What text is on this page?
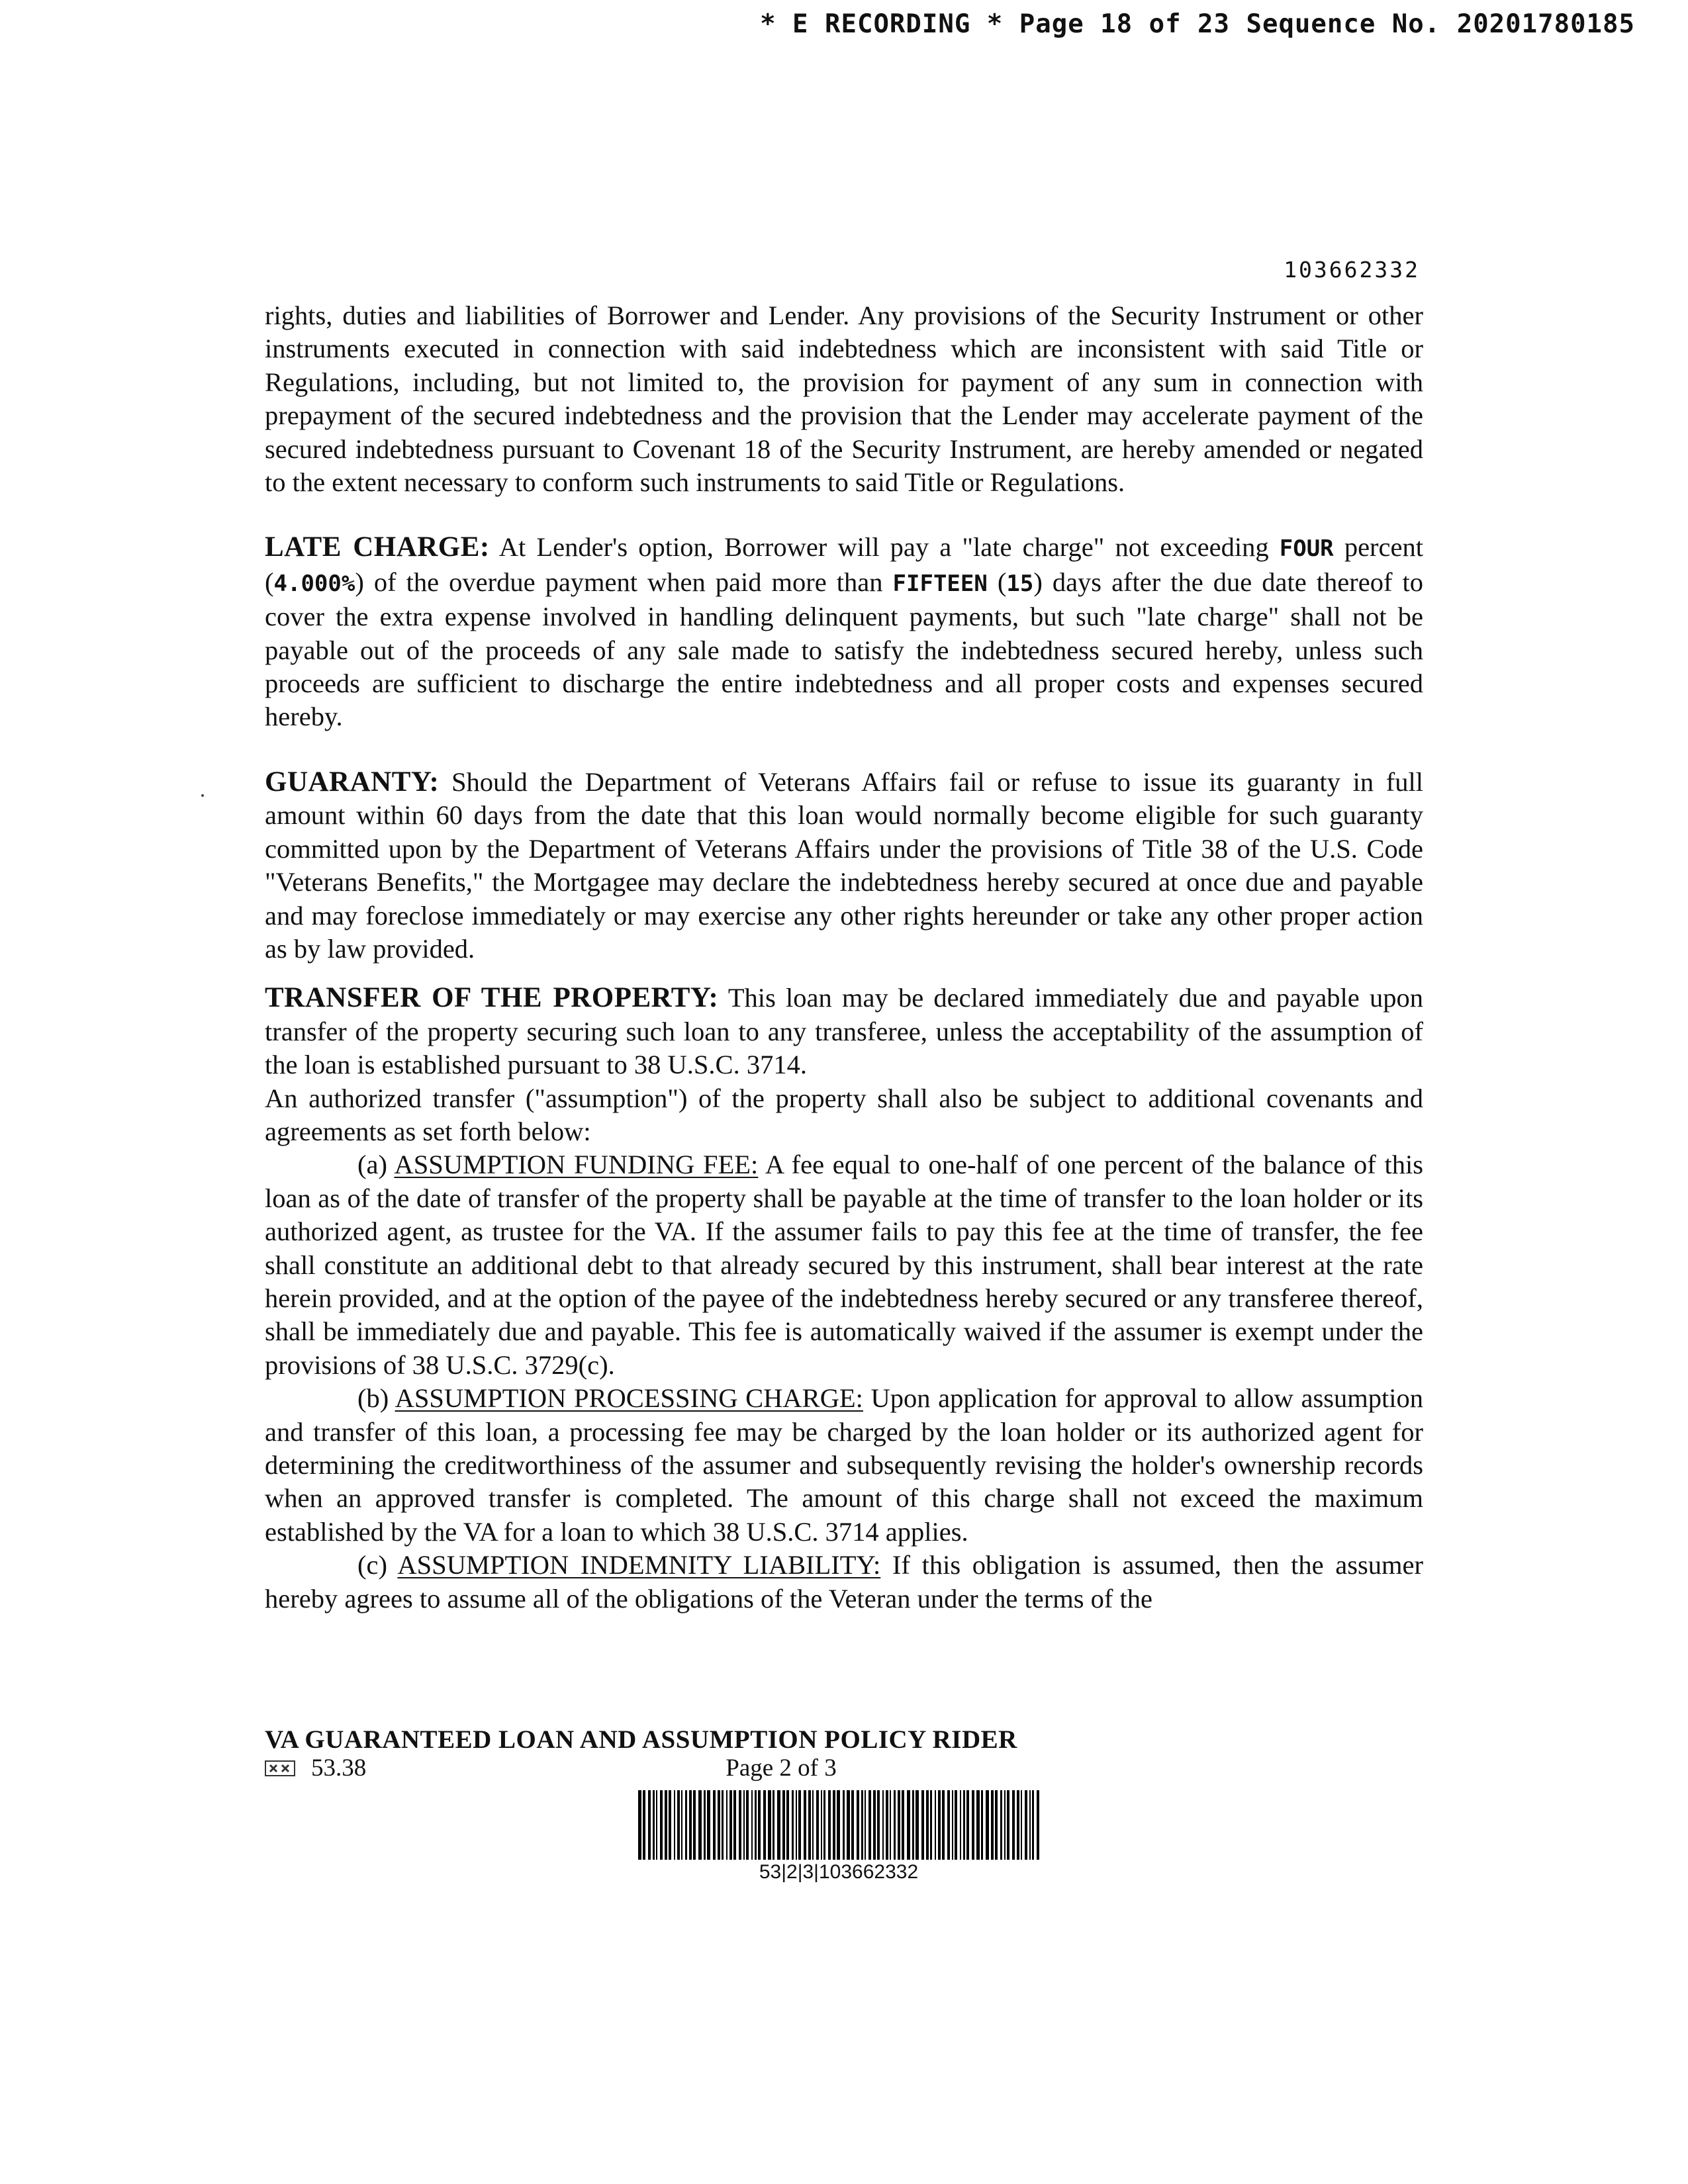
* E RECORDING * Page 18 of 23 Sequence No. 20201780185
103662332

rights, duties and liabilities of Borrower and Lender. Any provisions of the Security Instrument or other instruments executed in connection with said indebtedness which are inconsistent with said Title or Regulations, including, but not limited to, the provision for payment of any sum in connection with prepayment of the secured indebtedness and the provision that the Lender may accelerate payment of the secured indebtedness pursuant to Covenant 18 of the Security Instrument, are hereby amended or negated to the extent necessary to conform such instruments to said Title or Regulations.

LATE CHARGE: At Lender's option, Borrower will pay a "late charge" not exceeding FOUR percent (4.000%) of the overdue payment when paid more than FIFTEEN (15) days after the due date thereof to cover the extra expense involved in handling delinquent payments, but such "late charge" shall not be payable out of the proceeds of any sale made to satisfy the indebtedness secured hereby, unless such proceeds are sufficient to discharge the entire indebtedness and all proper costs and expenses secured hereby.

GUARANTY: Should the Department of Veterans Affairs fail or refuse to issue its guaranty in full amount within 60 days from the date that this loan would normally become eligible for such guaranty committed upon by the Department of Veterans Affairs under the provisions of Title 38 of the U.S. Code "Veterans Benefits," the Mortgagee may declare the indebtedness hereby secured at once due and payable and may foreclose immediately or may exercise any other rights hereunder or take any other proper action as by law provided.

TRANSFER OF THE PROPERTY: This loan may be declared immediately due and payable upon transfer of the property securing such loan to any transferee, unless the acceptability of the assumption of the loan is established pursuant to 38 U.S.C. 3714.

An authorized transfer ("assumption") of the property shall also be subject to additional covenants and agreements as set forth below:

(a) ASSUMPTION FUNDING FEE: A fee equal to one-half of one percent of the balance of this loan as of the date of transfer of the property shall be payable at the time of transfer to the loan holder or its authorized agent, as trustee for the VA. If the assumer fails to pay this fee at the time of transfer, the fee shall constitute an additional debt to that already secured by this instrument, shall bear interest at the rate herein provided, and at the option of the payee of the indebtedness hereby secured or any transferee thereof, shall be immediately due and payable. This fee is automatically waived if the assumer is exempt under the provisions of 38 U.S.C. 3729(c).

(b) ASSUMPTION PROCESSING CHARGE: Upon application for approval to allow assumption and transfer of this loan, a processing fee may be charged by the loan holder or its authorized agent for determining the creditworthiness of the assumer and subsequently revising the holder's ownership records when an approved transfer is completed. The amount of this charge shall not exceed the maximum established by the VA for a loan to which 38 U.S.C. 3714 applies.

(c) ASSUMPTION INDEMNITY LIABILITY: If this obligation is assumed, then the assumer hereby agrees to assume all of the obligations of the Veteran under the terms of the

VA GUARANTEED LOAN AND ASSUMPTION POLICY RIDER
53.38	Page 2 of 3
53|2|3|103662332
